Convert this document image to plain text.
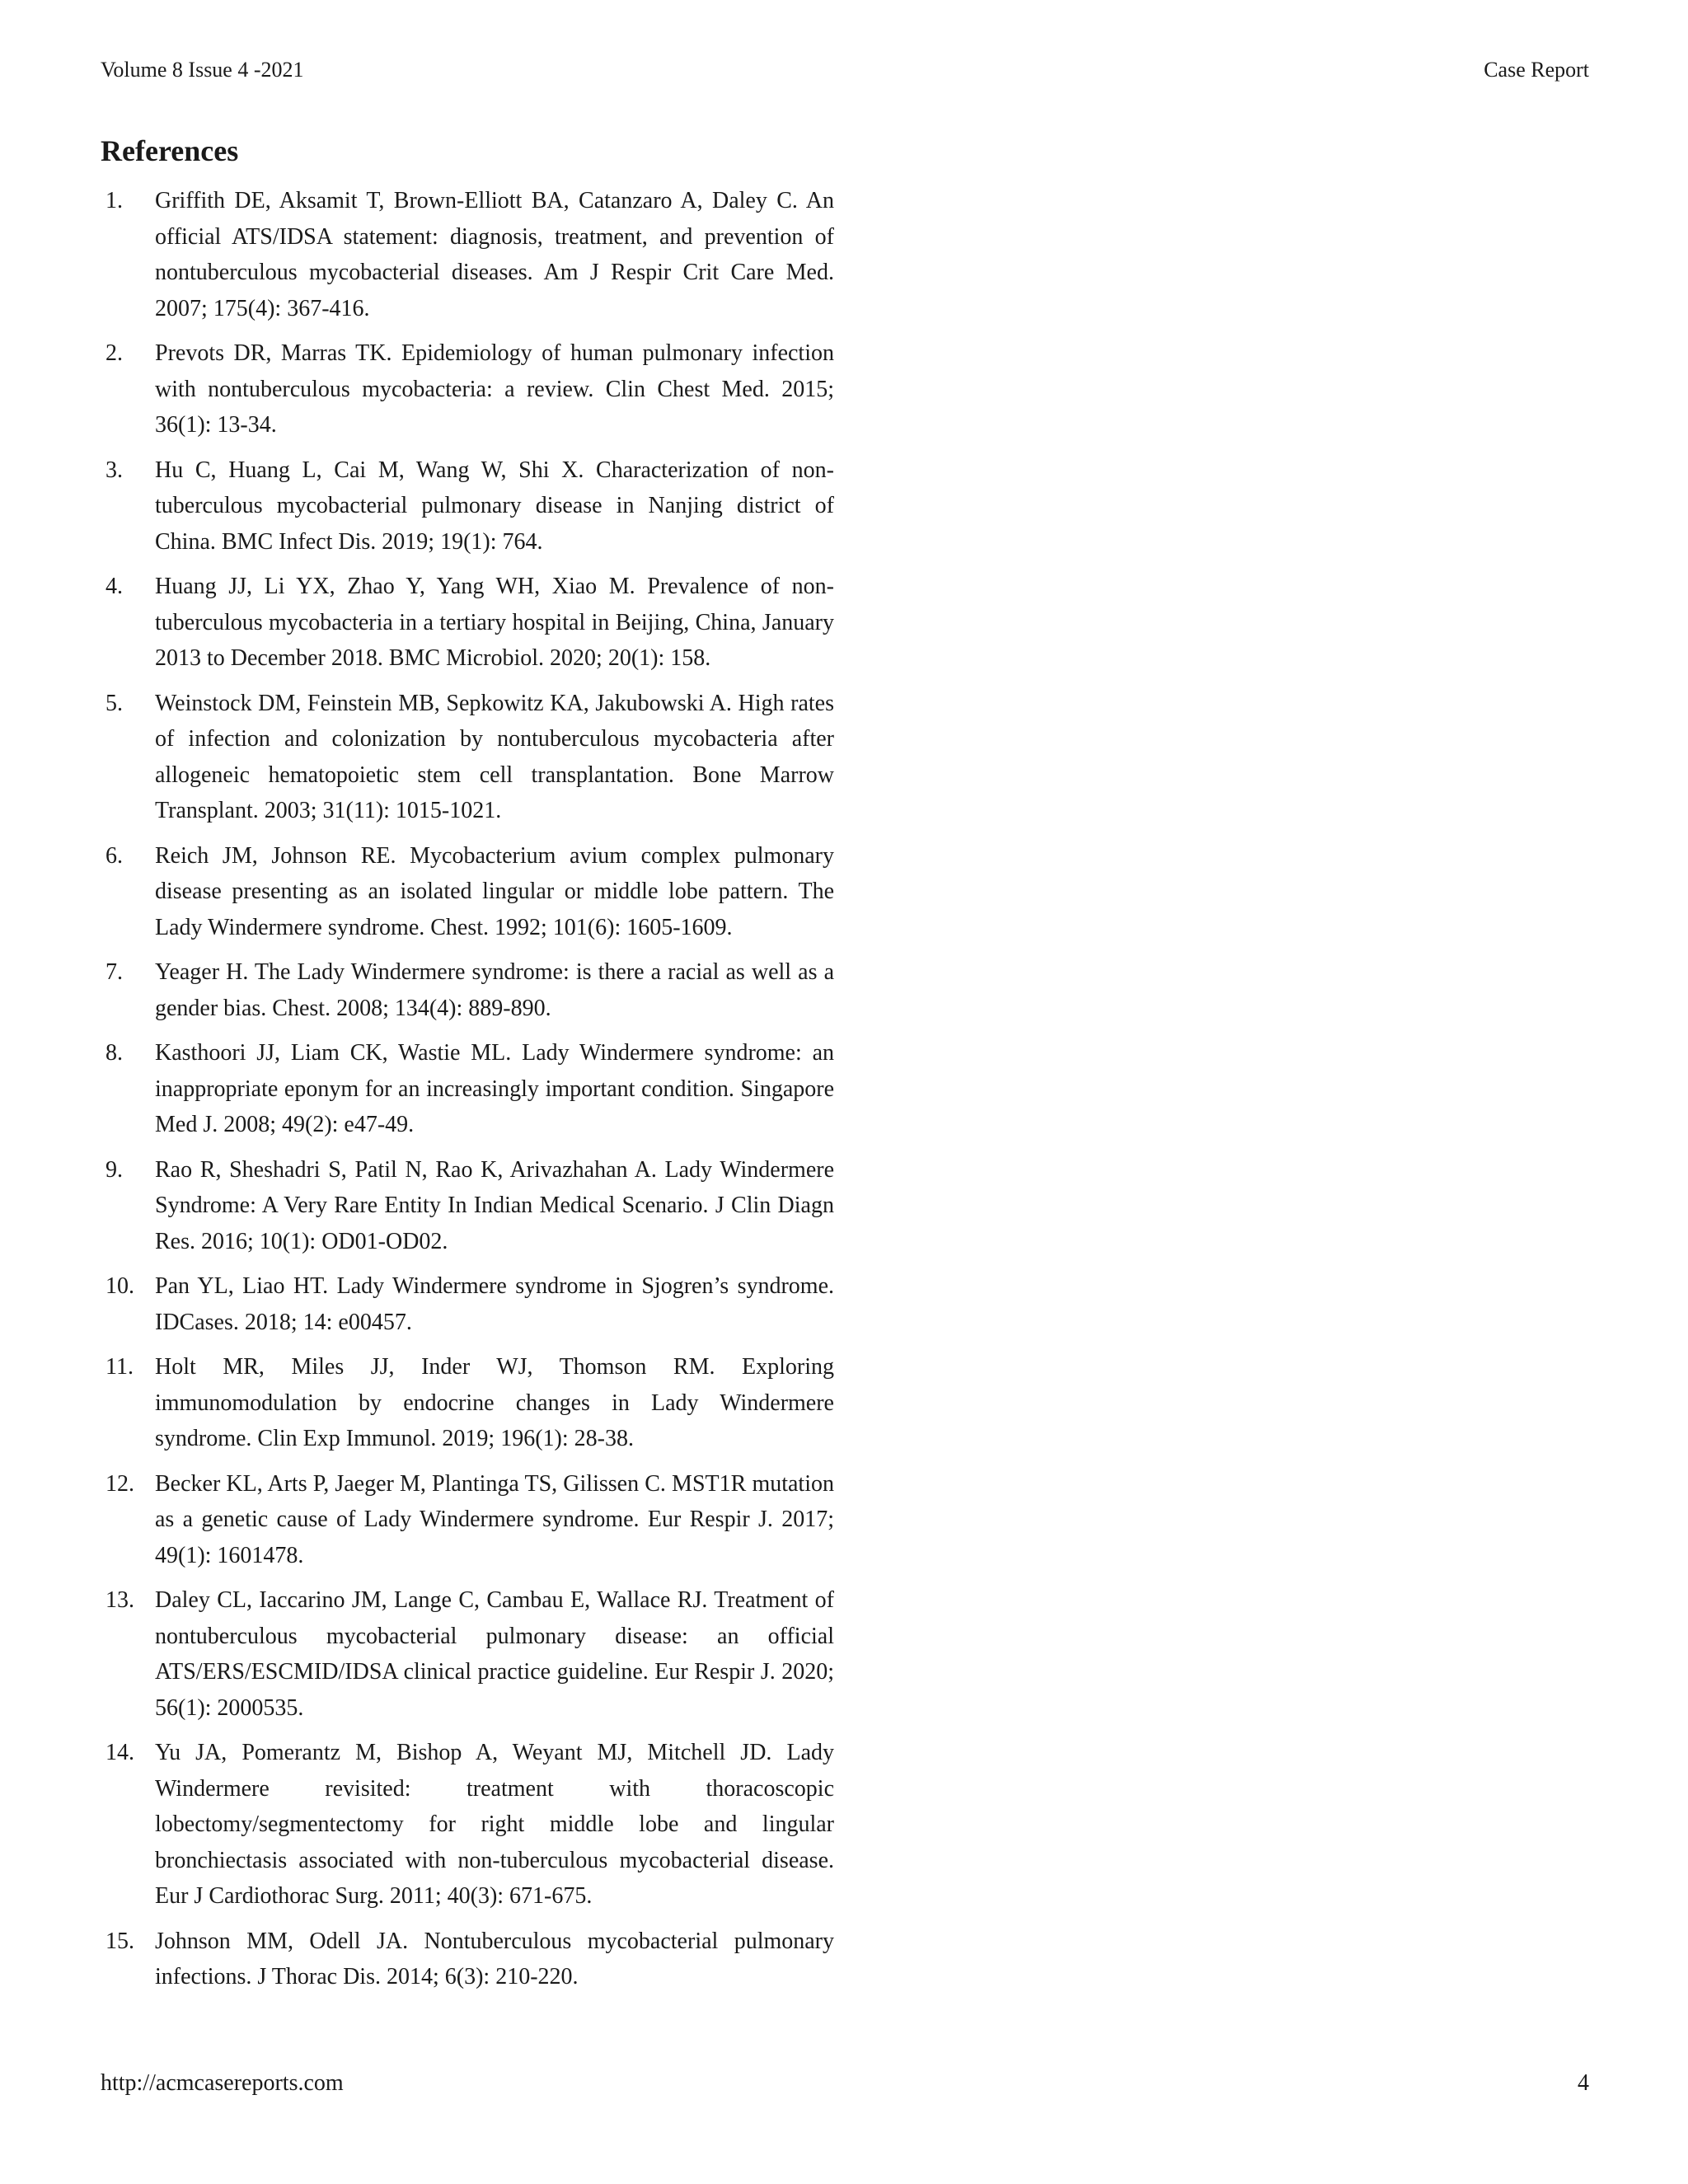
Volume 8 Issue 4 -2021	Case Report
References
1.	Griffith DE, Aksamit T, Brown-Elliott BA, Catanzaro A, Daley C. An official ATS/IDSA statement: diagnosis, treatment, and prevention of nontuberculous mycobacterial diseases. Am J Respir Crit Care Med. 2007; 175(4): 367-416.
2.	Prevots DR, Marras TK. Epidemiology of human pulmonary infection with nontuberculous mycobacteria: a review. Clin Chest Med. 2015; 36(1): 13-34.
3.	Hu C, Huang L, Cai M, Wang W, Shi X. Characterization of non-tuberculous mycobacterial pulmonary disease in Nanjing district of China. BMC Infect Dis. 2019; 19(1): 764.
4.	Huang JJ, Li YX, Zhao Y, Yang WH, Xiao M. Prevalence of non-tuberculous mycobacteria in a tertiary hospital in Beijing, China, January 2013 to December 2018. BMC Microbiol. 2020; 20(1): 158.
5.	Weinstock DM, Feinstein MB, Sepkowitz KA, Jakubowski A. High rates of infection and colonization by nontuberculous mycobacteria after allogeneic hematopoietic stem cell transplantation. Bone Marrow Transplant. 2003; 31(11): 1015-1021.
6.	Reich JM, Johnson RE. Mycobacterium avium complex pulmonary disease presenting as an isolated lingular or middle lobe pattern. The Lady Windermere syndrome. Chest. 1992; 101(6): 1605-1609.
7.	Yeager H. The Lady Windermere syndrome: is there a racial as well as a gender bias. Chest. 2008; 134(4): 889-890.
8.	Kasthoori JJ, Liam CK, Wastie ML. Lady Windermere syndrome: an inappropriate eponym for an increasingly important condition. Singapore Med J. 2008; 49(2): e47-49.
9.	Rao R, Sheshadri S, Patil N, Rao K, Arivazhahan A. Lady Windermere Syndrome: A Very Rare Entity In Indian Medical Scenario. J Clin Diagn Res. 2016; 10(1): OD01-OD02.
10. Pan YL, Liao HT. Lady Windermere syndrome in Sjogren’s syndrome. IDCases. 2018; 14: e00457.
11. Holt MR, Miles JJ, Inder WJ, Thomson RM. Exploring immunomodulation by endocrine changes in Lady Windermere syndrome. Clin Exp Immunol. 2019; 196(1): 28-38.
12. Becker KL, Arts P, Jaeger M, Plantinga TS, Gilissen C. MST1R mutation as a genetic cause of Lady Windermere syndrome. Eur Respir J. 2017; 49(1): 1601478.
13. Daley CL, Iaccarino JM, Lange C, Cambau E, Wallace RJ. Treatment of nontuberculous mycobacterial pulmonary disease: an official ATS/ERS/ESCMID/IDSA clinical practice guideline. Eur Respir J. 2020; 56(1): 2000535.
14. Yu JA, Pomerantz M, Bishop A, Weyant MJ, Mitchell JD. Lady Windermere revisited: treatment with thoracoscopic lobectomy/segmentectomy for right middle lobe and lingular bronchiectasis associated with non-tuberculous mycobacterial disease. Eur J Cardiothorac Surg. 2011; 40(3): 671-675.
15. Johnson MM, Odell JA. Nontuberculous mycobacterial pulmonary infections. J Thorac Dis. 2014; 6(3): 210-220.
http://acmcasereports.com	4
